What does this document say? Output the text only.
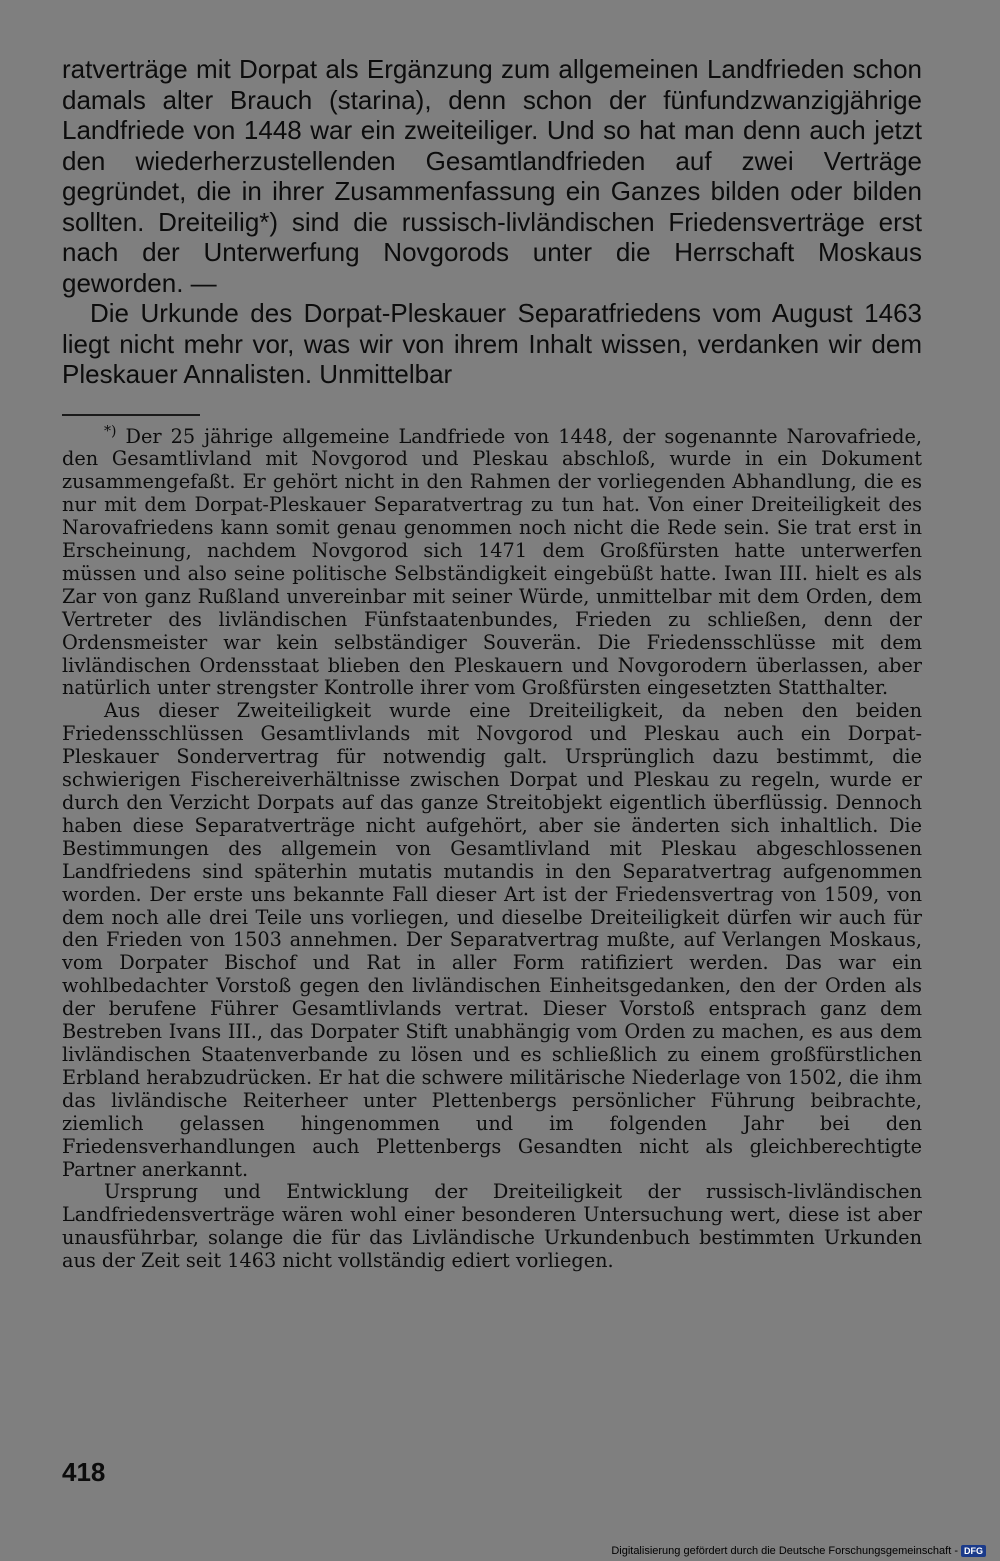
ratverträge mit Dorpat als Ergänzung zum allgemeinen Landfrieden schon damals alter Brauch (starina), denn schon der fünfundzwanzigjährige Landfriede von 1448 war ein zweiteiliger. Und so hat man denn auch jetzt den wiederherzustellenden Gesamtlandfrieden auf zwei Verträge gegründet, die in ihrer Zusammenfassung ein Ganzes bilden oder bilden sollten. Dreiteilig*) sind die russisch-livländischen Friedensverträge erst nach der Unterwerfung Novgorods unter die Herrschaft Moskaus geworden. —

Die Urkunde des Dorpat-Pleskauer Separatfriedens vom August 1463 liegt nicht mehr vor, was wir von ihrem Inhalt wissen, verdanken wir dem Pleskauer Annalisten. Unmittelbar

*) Der 25 jährige allgemeine Landfriede von 1448, der sogenannte Narovafriede, den Gesamtlivland mit Novgorod und Pleskau abschloß, wurde in ein Dokument zusammengefaßt. Er gehört nicht in den Rahmen der vorliegenden Abhandlung, die es nur mit dem Dorpat-Pleskauer Separatvertrag zu tun hat. Von einer Dreiteiligkeit des Narovafriedens kann somit genau genommen noch nicht die Rede sein. Sie trat erst in Erscheinung, nachdem Novgorod sich 1471 dem Großfürsten hatte unterwerfen müssen und also seine politische Selbständigkeit eingebüßt hatte. Iwan III. hielt es als Zar von ganz Rußland unvereinbar mit seiner Würde, unmittelbar mit dem Orden, dem Vertreter des livländischen Fünfstaatenbundes, Frieden zu schließen, denn der Ordensmeister war kein selbständiger Souverän. Die Friedensschlüsse mit dem livländischen Ordensstaat blieben den Pleskauern und Novgorodern überlassen, aber natürlich unter strengster Kontrolle ihrer vom Großfürsten eingesetzten Statthalter.

Aus dieser Zweiteiligkeit wurde eine Dreiteiligkeit, da neben den beiden Friedensschlüssen Gesamtlivlands mit Novgorod und Pleskau auch ein Dorpat-Pleskauer Sondervertrag für notwendig galt. Ursprünglich dazu bestimmt, die schwierigen Fischereiverhältnisse zwischen Dorpat und Pleskau zu regeln, wurde er durch den Verzicht Dorpats auf das ganze Streitobjekt eigentlich überflüssig. Dennoch haben diese Separatverträge nicht aufgehört, aber sie änderten sich inhaltlich. Die Bestimmungen des allgemein von Gesamtlivland mit Pleskau abgeschlossenen Landfriedens sind späterhin mutatis mutandis in den Separatvertrag aufgenommen worden. Der erste uns bekannte Fall dieser Art ist der Friedensvertrag von 1509, von dem noch alle drei Teile uns vorliegen, und dieselbe Dreiteiligkeit dürfen wir auch für den Frieden von 1503 annehmen. Der Separatvertrag mußte, auf Verlangen Moskaus, vom Dorpater Bischof und Rat in aller Form ratifiziert werden. Das war ein wohlbedachter Vorstoß gegen den livländischen Einheitsgedanken, den der Orden als der berufene Führer Gesamtlivlands vertrat. Dieser Vorstoß entsprach ganz dem Bestreben Ivans III., das Dorpater Stift unabhängig vom Orden zu machen, es aus dem livländischen Staatenverbande zu lösen und es schließlich zu einem großfürstlichen Erbland herabzudrücken. Er hat die schwere militärische Niederlage von 1502, die ihm das livländische Reiterheer unter Plettenbergs persönlicher Führung beibrachte, ziemlich gelassen hingenommen und im folgenden Jahr bei den Friedensverhandlungen auch Plettenbergs Gesandten nicht als gleichberechtigte Partner anerkannt.

Ursprung und Entwicklung der Dreiteiligkeit der russisch-livländischen Landfriedensverträge wären wohl einer besonderen Untersuchung wert, diese ist aber unausführbar, solange die für das Livländische Urkundenbuch bestimmten Urkunden aus der Zeit seit 1463 nicht vollständig ediert vorliegen.

418
Digitalisierung gefördert durch die Deutsche Forschungsgemeinschaft - DFG
